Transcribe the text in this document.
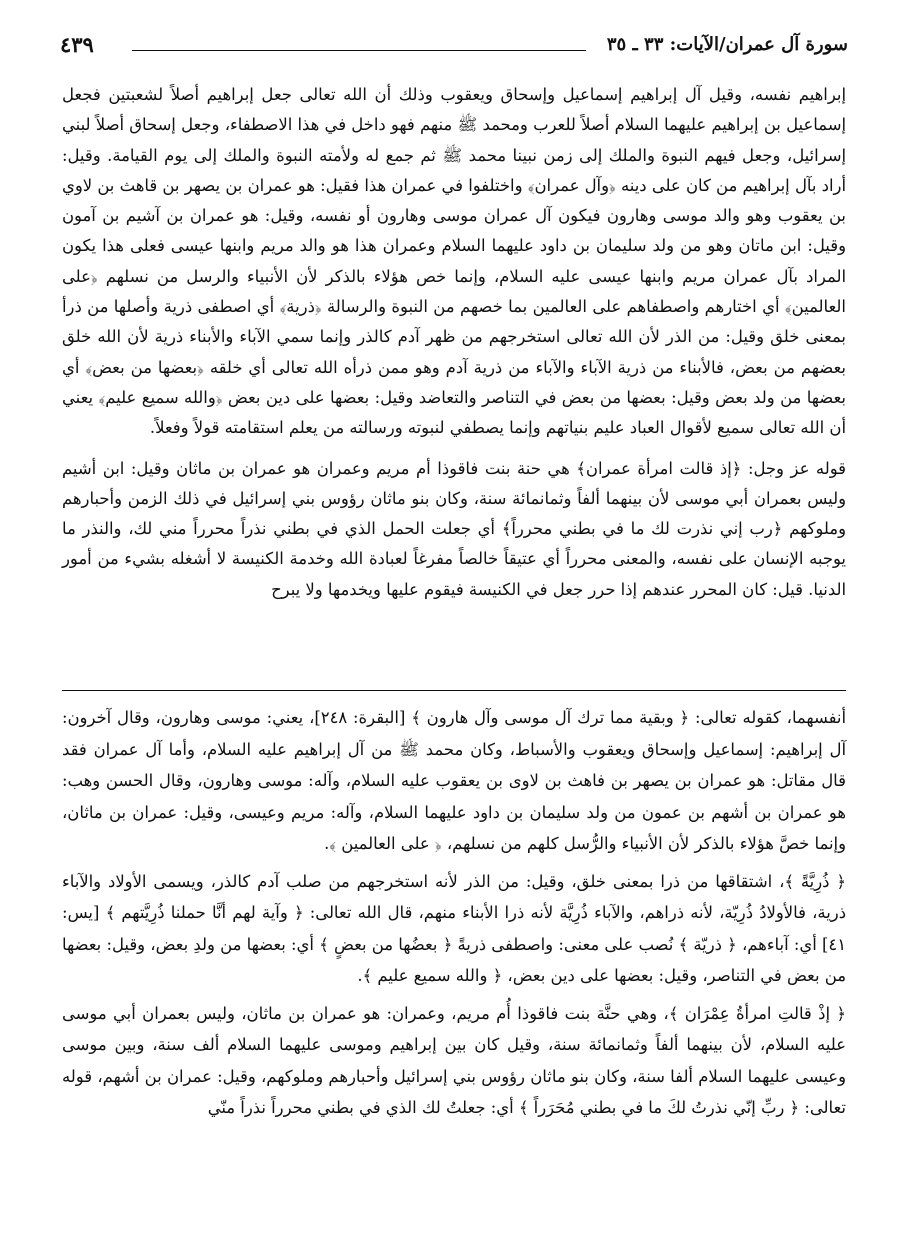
سورة آل عمران/الآيات: ٣٣ ـ ٣٥
٤٣٩

إبراهيم نفسه، وقيل آل إبراهيم إسماعيل وإسحاق ويعقوب وذلك أن الله تعالى جعل إبراهيم أصلاً لشعبتين فجعل إسماعيل بن إبراهيم عليهما السلام أصلاً للعرب ومحمد ﷺ منهم فهو داخل في هذا الاصطفاء، وجعل إسحاق أصلاً لبني إسرائيل، وجعل فيهم النبوة والملك إلى زمن نبينا محمد ﷺ ثم جمع له ولأمته النبوة والملك إلى يوم القيامة. وقيل: أراد بآل إبراهيم من كان على دينه ﴿وآل عمران﴾ واختلفوا في عمران هذا فقيل: هو عمران بن يصهر بن قاهث بن لاوي بن يعقوب وهو والد موسى وهارون فيكون آل عمران موسى وهارون أو نفسه، وقيل: هو عمران بن آشيم بن آمون وقيل: ابن ماتان وهو من ولد سليمان بن داود عليهما السلام وعمران هذا هو والد مريم وابنها عيسى فعلى هذا يكون المراد بآل عمران مريم وابنها عيسى عليه السلام، وإنما خص هؤلاء بالذكر لأن الأنبياء والرسل من نسلهم ﴿على العالمين﴾ أي اختارهم واصطفاهم على العالمين بما خصهم من النبوة والرسالة ﴿ذرية﴾ أي اصطفى ذرية وأصلها من ذرأ بمعنى خلق وقيل: من الذر لأن الله تعالى استخرجهم من ظهر آدم كالذر وإنما سمي الآباء والأبناء ذرية لأن الله خلق بعضهم من بعض، فالأبناء من ذرية الآباء والآباء من ذرية آدم وهو ممن ذرأه الله تعالى أي خلقه ﴿بعضها من بعض﴾ أي بعضها من ولد بعض وقيل: بعضها من بعض في التناصر والتعاضد وقيل: بعضها على دين بعض ﴿والله سميع عليم﴾ يعني أن الله تعالى سميع لأقوال العباد عليم بنياتهم وإنما يصطفي لنبوته ورسالته من يعلم استقامته قولاً وفعلاً.

قوله عز وجل: ﴿إذ قالت امرأة عمران﴾ هي حنة بنت فاقوذا أم مريم وعمران هو عمران بن ماثان وقيل: ابن أشيم وليس بعمران أبي موسى لأن بينهما ألفاً وثمانمائة سنة، وكان بنو ماثان رؤوس بني إسرائيل في ذلك الزمن وأحبارهم وملوكهم ﴿رب إني نذرت لك ما في بطني محرراً﴾ أي جعلت الحمل الذي في بطني نذراً محرراً مني لك، والنذر ما يوجبه الإنسان على نفسه، والمعنى محرراً أي عتيقاً خالصاً مفرغاً لعبادة الله وخدمة الكنيسة لا أشغله بشيء من أمور الدنيا. قيل: كان المحرر عندهم إذا حرر جعل في الكنيسة فيقوم عليها ويخدمها ولا يبرح

أنفسهما، كقوله تعالى: ﴿ وبقية مما ترك آل موسى وآل هارون ﴾ [البقرة: ٢٤٨]، يعني: موسى وهارون، وقال آخرون: آل إبراهيم: إسماعيل وإسحاق ويعقوب والأسباط، وكان محمد ﷺ من آل إبراهيم عليه السلام، وأما آل عمران فقد قال مقاتل: هو عمران بن يصهر بن فاهث بن لاوى بن يعقوب عليه السلام، وآله: موسى وهارون، وقال الحسن وهب: هو عمران بن أشهم بن عمون من ولد سليمان بن داود عليهما السلام، وآله: مريم وعيسى، وقيل: عمران بن ماثان، وإنما خصَّ هؤلاء بالذكر لأن الأنبياء والرُّسل كلهم من نسلهم، ﴿ على العالمين ﴾.

﴿ ذُرِيَّةً ﴾، اشتقاقها من ذرا بمعنى خلق، وقيل: من الذر لأنه استخرجهم من صلب آدم كالذر، ويسمى الأولاد والآباء ذرية، فالأولادُ ذُرِيّة، لأنه ذراهم، والآباء ذُرِيَّة لأنه ذرا الأبناء منهم، قال الله تعالى: ﴿ وآية لهم أنَّا حملنا ذُرِيَّتهم ﴾ [يس: ٤١] أي: آباءهم، ﴿ ذريّة ﴾ نُصب على معنى: واصطفى ذريةً ﴿ بعضُها من بعضٍ ﴾ أي: بعضها من ولدِ بعض، وقيل: بعضها من بعض في التناصر، وقيل: بعضها على دين بعض، ﴿ والله سميع عليم ﴾.

﴿ إذْ قالتِ امرأةُ عِمْرَان ﴾، وهي حنَّة بنت فاقوذا أُم مريم، وعمران: هو عمران بن ماثان، وليس بعمران أبي موسى عليه السلام، لأن بينهما ألفاً وثمانمائة سنة، وقيل كان بين إبراهيم وموسى عليهما السلام ألف سنة، وبين موسى وعيسى عليهما السلام ألفا سنة، وكان بنو ماثان رؤوس بني إسرائيل وأحبارهم وملوكهم، وقيل: عمران بن أشهم، قوله تعالى: ﴿ ربِّ إنّي نذرتُ لكَ ما في بطني مُحَرَراً ﴾ أي: جعلتُ لك الذي في بطني محرراً نذراً منّي
